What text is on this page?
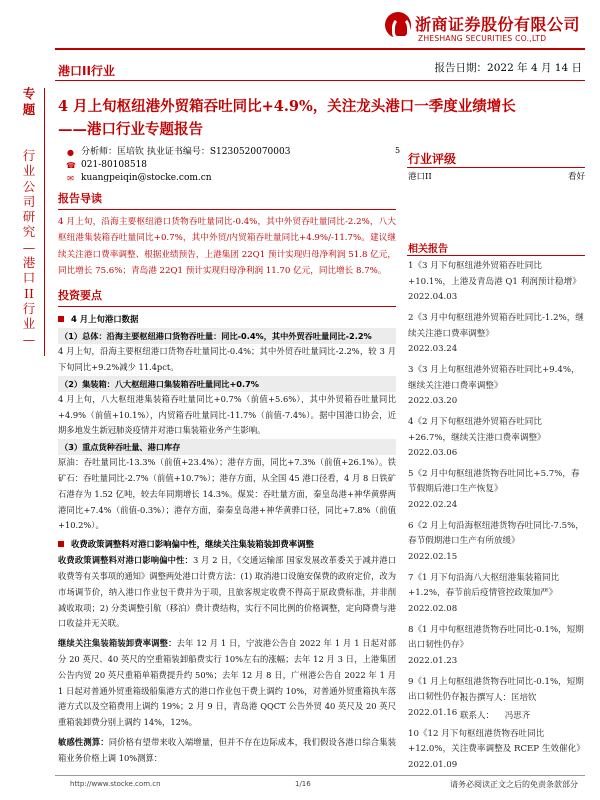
浙商证券股份有限公司
ZHESHANG SECURITIES CO.,LTD
港口II行业	报告日期：2022 年 4 月 14 日
专题
行业公司研究—港口II行业—
4 月上旬枢纽港外贸箱吞吐同比+4.9%，关注龙头港口一季度业绩增长
——港口行业专题报告
● 分析师：匡培钦 执业证书编号：S1230520070003
☎ 021-80108518
✉ kuangpeiqin@stocke.com.cn
5
行业评级
港口II	看好
相关报告
1《3 月下旬枢纽港外贸箱吞吐同比+10.1%，上港及青岛港 Q1 利润预计稳增》
2022.04.03
2《3 月中旬枢纽港外贸箱吞吐同比-1.2%，继续关注港口费率调整》
2022.03.24
3《3 月上旬枢纽港外贸箱吞吐同比+9.4%，继续关注港口费率调整》
2022.03.20
4《2 月下旬枢纽港外贸箱吞吐同比+26.7%，继续关注港口费率调整》
2022.03.06
5《2 月中旬枢纽港货物吞吐同比+5.7%，春节假期后港口生产恢复》
2022.02.24
6《2 月上旬沿海枢纽港货物吞吐同比-7.5%，春节假期港口生产有所放缓》
2022.02.15
7《1 月下旬沿海八大枢纽港集装箱同比+1.2%，春节前后疫情管控政策加严》
2022.02.08
8《1 月中旬枢纽港货物吞吐同比-0.1%，短期出口韧性仍存》
2022.01.23
9《1 月上旬枢纽港货物吞吐同比-0.1%，短期出口韧性仍存》
2022.01.16
10《12 月下旬枢纽港货物吞吐同比+12.0%，关注费率调整及 RCEP 生效催化》
2022.01.09
报告撰写人：匡培钦
联系人：    冯思齐
报告导读
4 月上旬，沿海主要枢纽港口货物吞吐量同比-0.4%，其中外贸吞吐量同比-2.2%，八大枢纽港集装箱吞吐量同比+0.7%，其中外贸/内贸箱吞吐量同比+4.9%/-11.7%。建议继续关注港口费率调整、根据业绩预告，上港集团 22Q1 预计实现归母净利润 51.8 亿元，同比增长 75.6%；青岛港 22Q1 预计实现归母净利润 11.70 亿元，同比增长 8.7%。
投资要点
4 月上旬港口数据
（1）总体：沿海主要枢纽港口货物吞吐量：同比-0.4%，其中外贸吞吐量同比-2.2%
4 月上旬，沿海主要枢纽港口货物吞吐量同比-0.4%；其中外贸吞吐量同比-2.2%，较 3 月下旬同比+9.2%减少 11.4pct。
（2）集装箱：八大枢纽港口集装箱吞吐量同比+0.7%
4 月上旬，八大枢纽港集装箱吞吐量同比+0.7%（前值+5.6%），其中外贸箱吞吐量同比+4.9%（前值+10.1%），内贸箱吞吐量同比-11.7%（前值-7.4%）。据中国港口协会，近期多地发生新冠肺炎疫情并对港口集装箱业务产生影响。
（3）重点货种吞吐量、港口库存
原油：吞吐量同比-13.3%（前值+23.4%）；港存方面，同比+7.3%（前值+26.1%）。铁矿石：吞吐量同比-2.7%（前值+10.7%）；港存方面，从全国 45 港口径看，4 月 8 日铁矿石港存为 1.52 亿吨，较去年同期增长 14.3%。煤炭：吞吐量方面，秦皇岛港+神华黄骅两港同比+7.4%（前值-0.3%）；港存方面，秦秦皇岛港+神华黄骅口径，同比+7.8%（前值+10.2%）。
收费政策调整料对港口影响偏中性，继续关注集装箱装卸费率调整
收费政策调整料对港口影响偏中性：3 月 2 日，《交通运输部 国家发展改革委关于减并港口收费等有关事项的通知》调整两处港口计费方法：(1) 取消港口设施安保费的政府定价，改为市场调节价，纳入港口作业包干费并为于项，且旅客规定收费不得高于原政费标准，并非削减收取项；2) 分类调整引航（移泊）费计费结构，实行不同比例的价格调整，定向降费与港口收益并无关联。
继续关注集装箱装卸费率调整：去年 12 月 1 日，宁波港公告自 2022 年 1 月 1 日起对部分 20 英尺、40 英尺的空重箱装卸船费实行 10%左右的涨幅；去年 12 月 3 日，上港集团公告内贸 20 英尺重箱单箱费提升约 50%；去年 12 月 8 日，广州港公告自 2022 年 1 月 1 日起对普通外贸重箱级船集港方式的港口作业包干费上调约 10%，对普通外贸重箱执车落港方式以及空箱费用上调约 19%；2 月 9 日，青岛港 QQCT 公告外贸 40 英尺及 20 英尺重箱装卸费分别上调约 14%，12%。
敏感性测算：同价格有望带来收入端增量，但并不存在边际成本，我们假设各港口综合集装箱业务价格上调 10%测算：
http://www.stocke.com.cn	1/16	请务必阅读正文之后的免责条款部分
